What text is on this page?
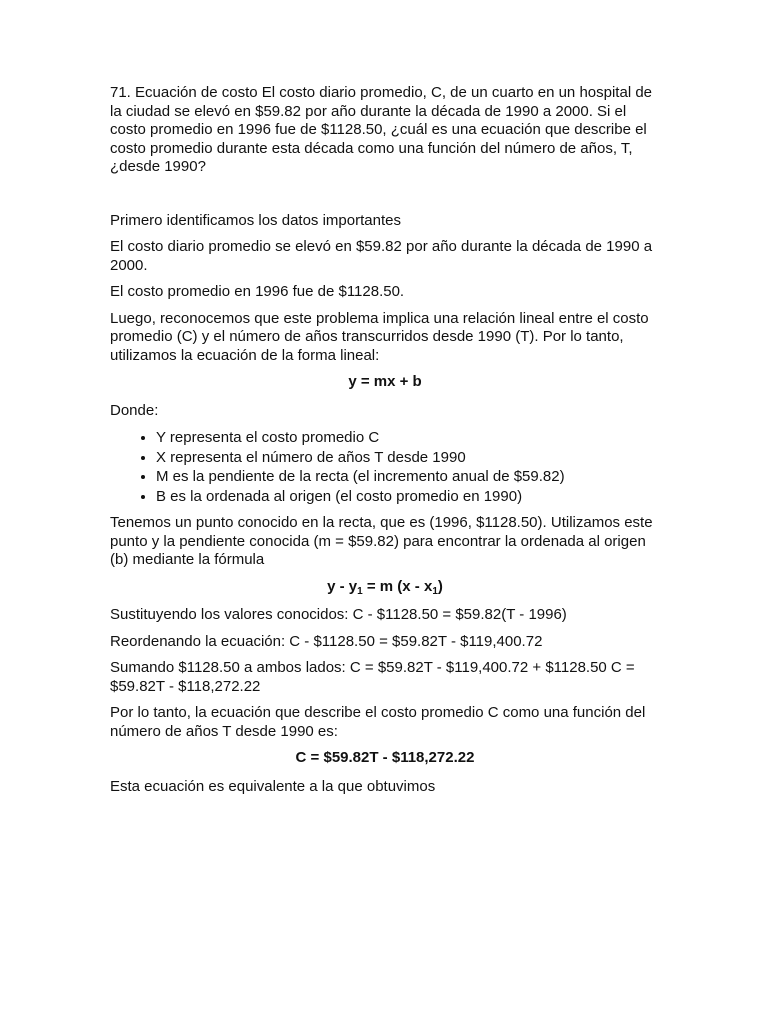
71. Ecuación de costo El costo diario promedio, C, de un cuarto en un hospital de la ciudad se elevó en $59.82 por año durante la década de 1990 a 2000. Si el costo promedio en 1996 fue de $1128.50, ¿cuál es una ecuación que describe el costo promedio durante esta década como una función del número de años, T, ¿desde 1990?

Primero identificamos los datos importantes

El costo diario promedio se elevó en $59.82 por año durante la década de 1990 a 2000.

El costo promedio en 1996 fue de $1128.50.

Luego, reconocemos que este problema implica una relación lineal entre el costo promedio (C) y el número de años transcurridos desde 1990 (T). Por lo tanto, utilizamos la ecuación de la forma lineal:

y = mx + b

Donde:

• Y representa el costo promedio C
• X representa el número de años T desde 1990
• M es la pendiente de la recta (el incremento anual de $59.82)
• B es la ordenada al origen (el costo promedio en 1990)

Tenemos un punto conocido en la recta, que es (1996, $1128.50). Utilizamos este punto y la pendiente conocida (m = $59.82) para encontrar la ordenada al origen (b) mediante la fórmula

$y - y_1 = m$ $(x - x_1)$

Sustituyendo los valores conocidos: C - $1128.50 = $59.82(T - 1996)

Reordenando la ecuación: C - $1128.50 = $59.82T - $119,400.72

Sumando $1128.50 a ambos lados: C = $59.82T - $119,400.72 + $1128.50 C = $59.82T - $118,272.22

Por lo tanto, la ecuación que describe el costo promedio C como una función del número de años T desde 1990 es:

C = $59.82T - $118,272.22

Esta ecuación es equivalente a la que obtuvimos
